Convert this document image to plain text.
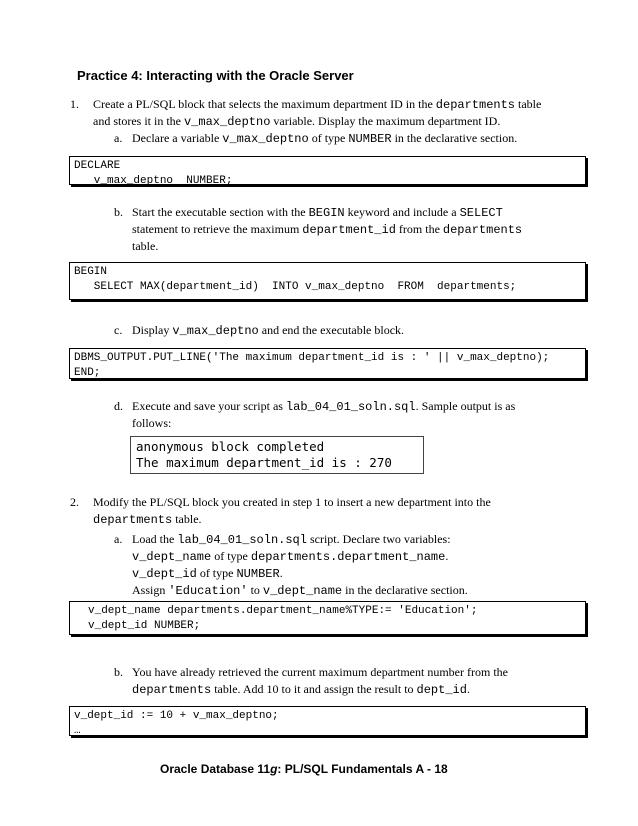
Practice 4: Interacting with the Oracle Server
1. Create a PL/SQL block that selects the maximum department ID in the departments table
and stores it in the v_max_deptno variable. Display the maximum department ID.
a. Declare a variable v_max_deptno of type NUMBER in the declarative section.
DECLARE
v_max_deptno  NUMBER;
b. Start the executable section with the BEGIN keyword and include a SELECT
statement to retrieve the maximum department_id from the departments
table.
BEGIN
SELECT MAX(department_id)  INTO v_max_deptno  FROM  departments;
c. Display v_max_deptno and end the executable block.
DBMS_OUTPUT.PUT_LINE('The maximum department_id is : ' || v_max_deptno);
END;
d. Execute and save your script as lab_04_01_soln.sql. Sample output is as
follows:
anonymous block completed
The maximum department_id is : 270
2. Modify the PL/SQL block you created in step 1 to insert a new department into the
departments table.
a. Load the lab_04_01_soln.sql script. Declare two variables:
v_dept_name of type departments.department_name.
v_dept_id of type NUMBER.
Assign 'Education' to v_dept_name in the declarative section.
v_dept_name departments.department_name%TYPE:= 'Education';
v_dept_id NUMBER;
b. You have already retrieved the current maximum department number from the
departments table. Add 10 to it and assign the result to dept_id.
v_dept_id := 10 + v_max_deptno;
…
Oracle Database 11g: PL/SQL Fundamentals A - 18
